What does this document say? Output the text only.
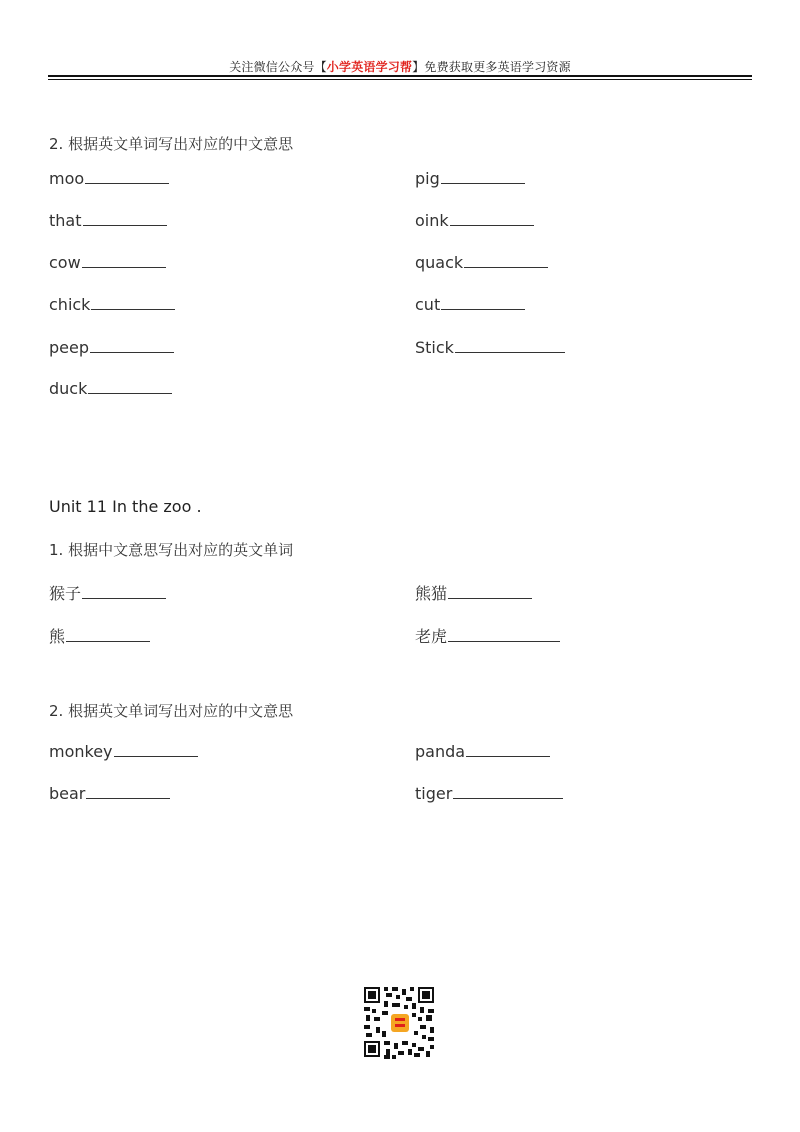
关注微信公众号【小学英语学习帮】免费获取更多英语学习资源
2. 根据英文单词写出对应的中文意思
moo
that
cow
chick
peep
duck
pig
oink
quack
cut
Stick
Unit 11 In the zoo .
1. 根据中文意思写出对应的英文单词
猴子
熊
熊猫
老虎
2. 根据英文单词写出对应的中文意思
monkey
bear
panda
tiger
